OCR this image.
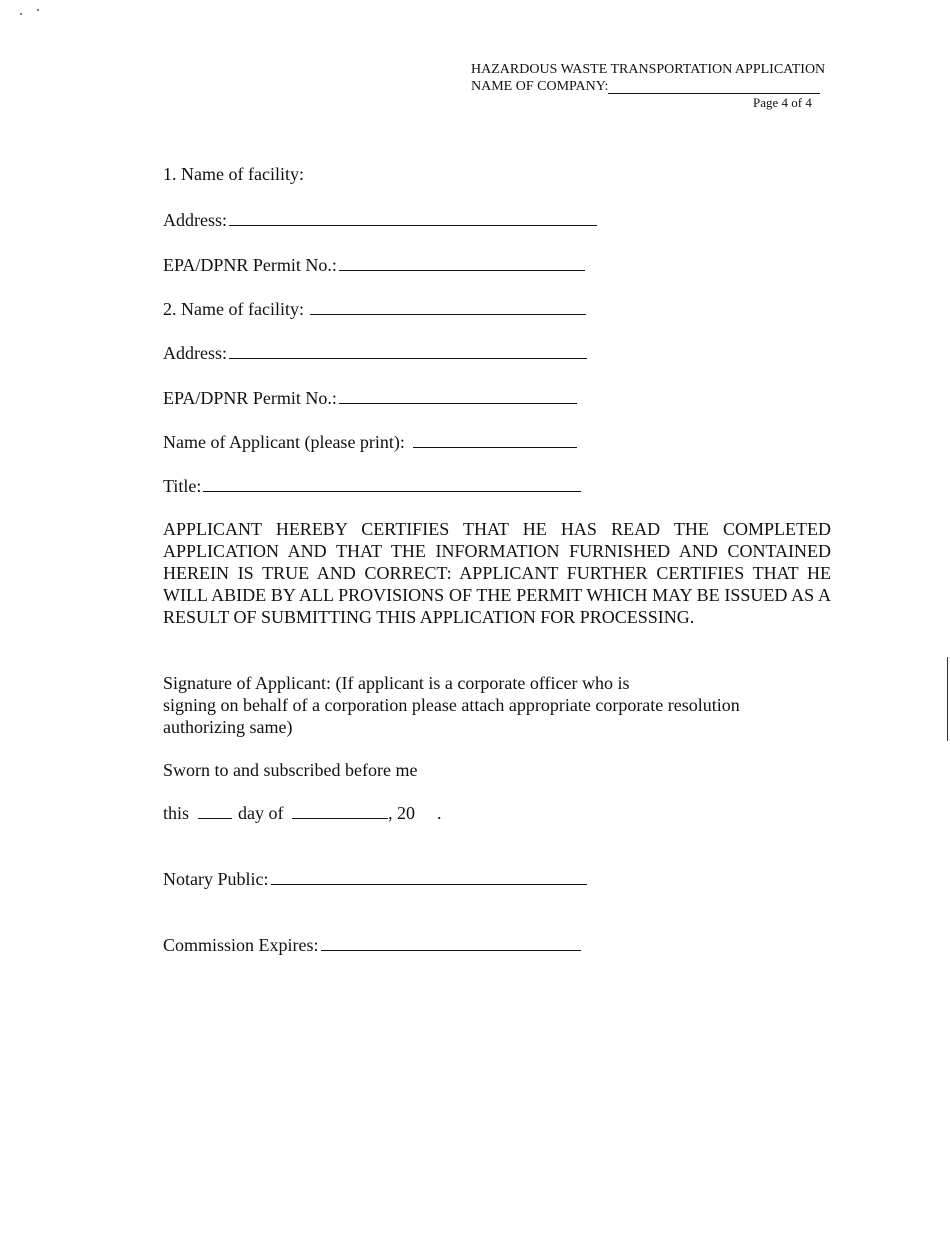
HAZARDOUS WASTE TRANSPORTATION APPLICATION
NAME OF COMPANY:
Page 4 of 4
1. Name of facility:
Address:
EPA/DPNR Permit No.:
2. Name of facility:
Address:
EPA/DPNR Permit No.:
Name of Applicant (please print):
Title:
APPLICANT HEREBY CERTIFIES THAT HE HAS READ THE COMPLETED APPLICATION AND THAT THE INFORMATION FURNISHED AND CONTAINED HEREIN IS TRUE AND CORRECT: APPLICANT FURTHER CERTIFIES THAT HE WILL ABIDE BY ALL PROVISIONS OF THE PERMIT WHICH MAY BE ISSUED AS A RESULT OF SUBMITTING THIS APPLICATION FOR PROCESSING.
Signature of Applicant: (If applicant is a corporate officer who is
signing on behalf of a corporation please attach appropriate corporate resolution
authorizing same)
Sworn to and subscribed before me
this	day of	, 20 .
Notary Public:
Commission Expires:
